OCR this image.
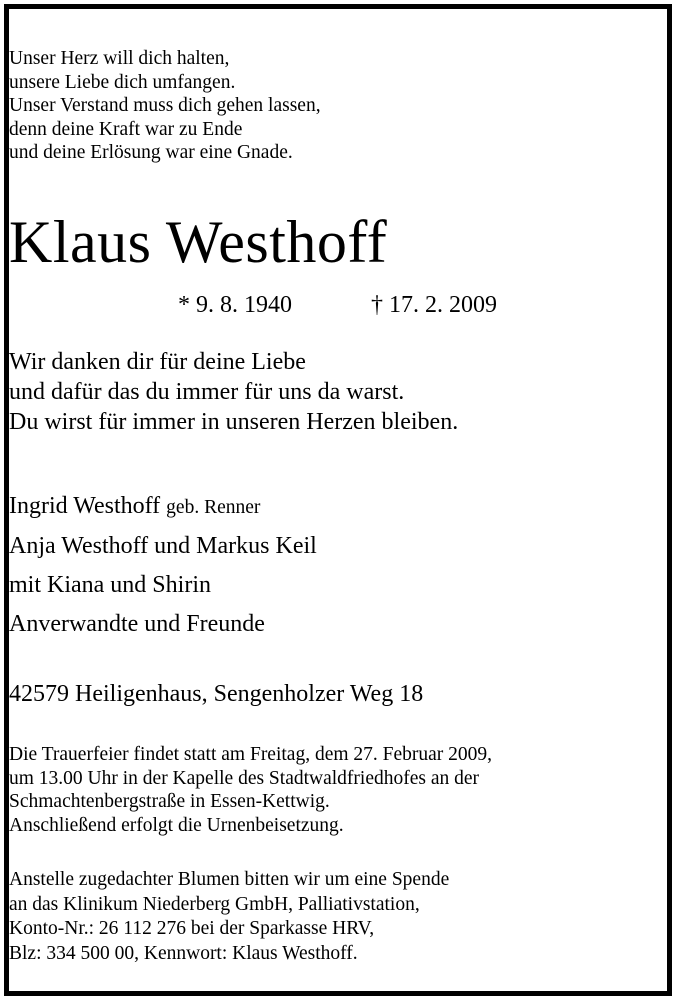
Unser Herz will dich halten,
unsere Liebe dich umfangen.
Unser Verstand muss dich gehen lassen,
denn deine Kraft war zu Ende
und deine Erlösung war eine Gnade.
Klaus Westhoff
* 9. 8. 1940	† 17. 2. 2009
Wir danken dir für deine Liebe
und dafür das du immer für uns da warst.
Du wirst für immer in unseren Herzen bleiben.
Ingrid Westhoff geb. Renner
Anja Westhoff und Markus Keil
mit Kiana und Shirin
Anverwandte und Freunde
42579 Heiligenhaus, Sengenholzer Weg 18
Die Trauerfeier findet statt am Freitag, dem 27. Februar 2009,
um 13.00 Uhr in der Kapelle des Stadtwaldfriedhofes an der
Schmachtenbergstraße in Essen-Kettwig.
Anschließend erfolgt die Urnenbeisetzung.
Anstelle zugedachter Blumen bitten wir um eine Spende
an das Klinikum Niederberg GmbH, Palliativstation,
Konto-Nr.: 26 112 276 bei der Sparkasse HRV,
Blz: 334 500 00, Kennwort: Klaus Westhoff.
